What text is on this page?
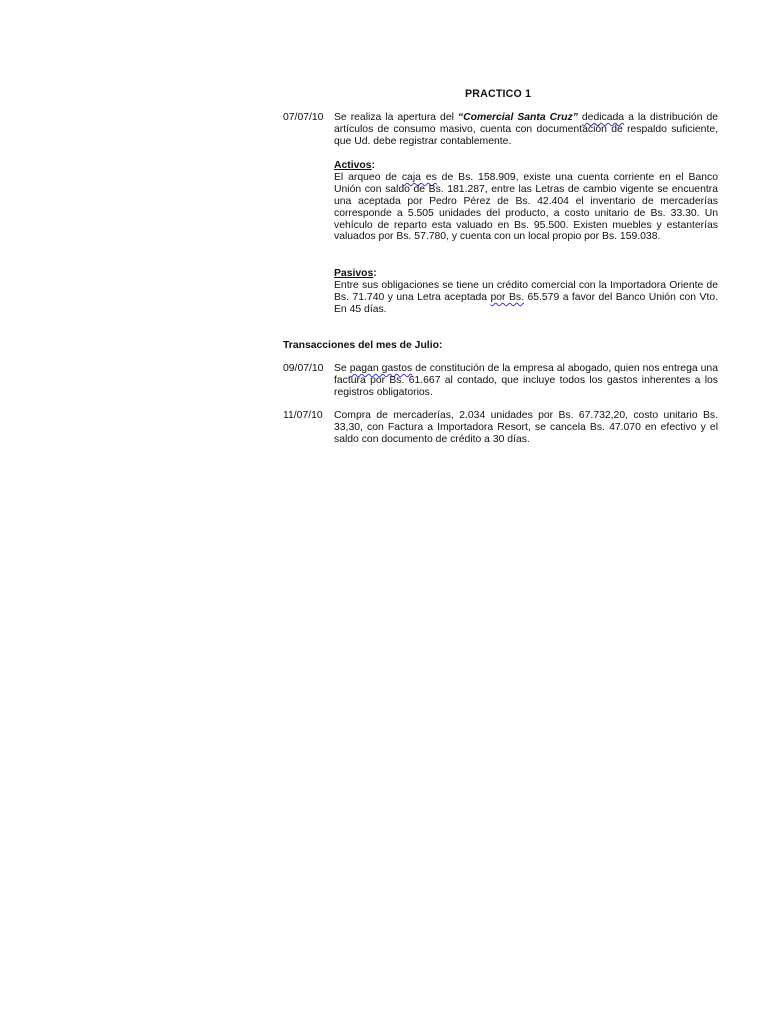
PRACTICO 1
07/07/10	Se realiza la apertura del “Comercial Santa Cruz” dedicada a la distribución de artículos de consumo masivo, cuenta con documentación de respaldo suficiente, que Ud. debe registrar contablemente.
Activos:
El arqueo de caja es de Bs. 158.909, existe una cuenta corriente en el Banco Unión con saldo de Bs. 181.287, entre las Letras de cambio vigente se encuentra una aceptada por Pedro Pérez de Bs. 42.404 el inventario de mercaderías corresponde a 5.505 unidades del producto, a costo unitario de Bs. 33.30. Un vehículo de reparto esta valuado en Bs. 95.500. Existen muebles y estanterías valuados por Bs. 57.780, y cuenta con un local propio por Bs. 159.038.
Pasivos:
Entre sus obligaciones se tiene un crédito comercial con la Importadora Oriente de Bs. 71.740 y una Letra aceptada por Bs. 65.579 a favor del Banco Unión con Vto. En 45 días.
Transacciones del mes de Julio:
09/07/10	Se pagan gastos de constitución de la empresa al abogado, quien nos entrega una factura por Bs. 61.667 al contado, que incluye todos los gastos inherentes a los registros obligatorios.
11/07/10	Compra de mercaderías, 2.034 unidades por Bs. 67.732,20, costo unitario Bs. 33,30, con Factura a Importadora Resort, se cancela Bs. 47.070 en efectivo y el saldo con documento de crédito a 30 días.
